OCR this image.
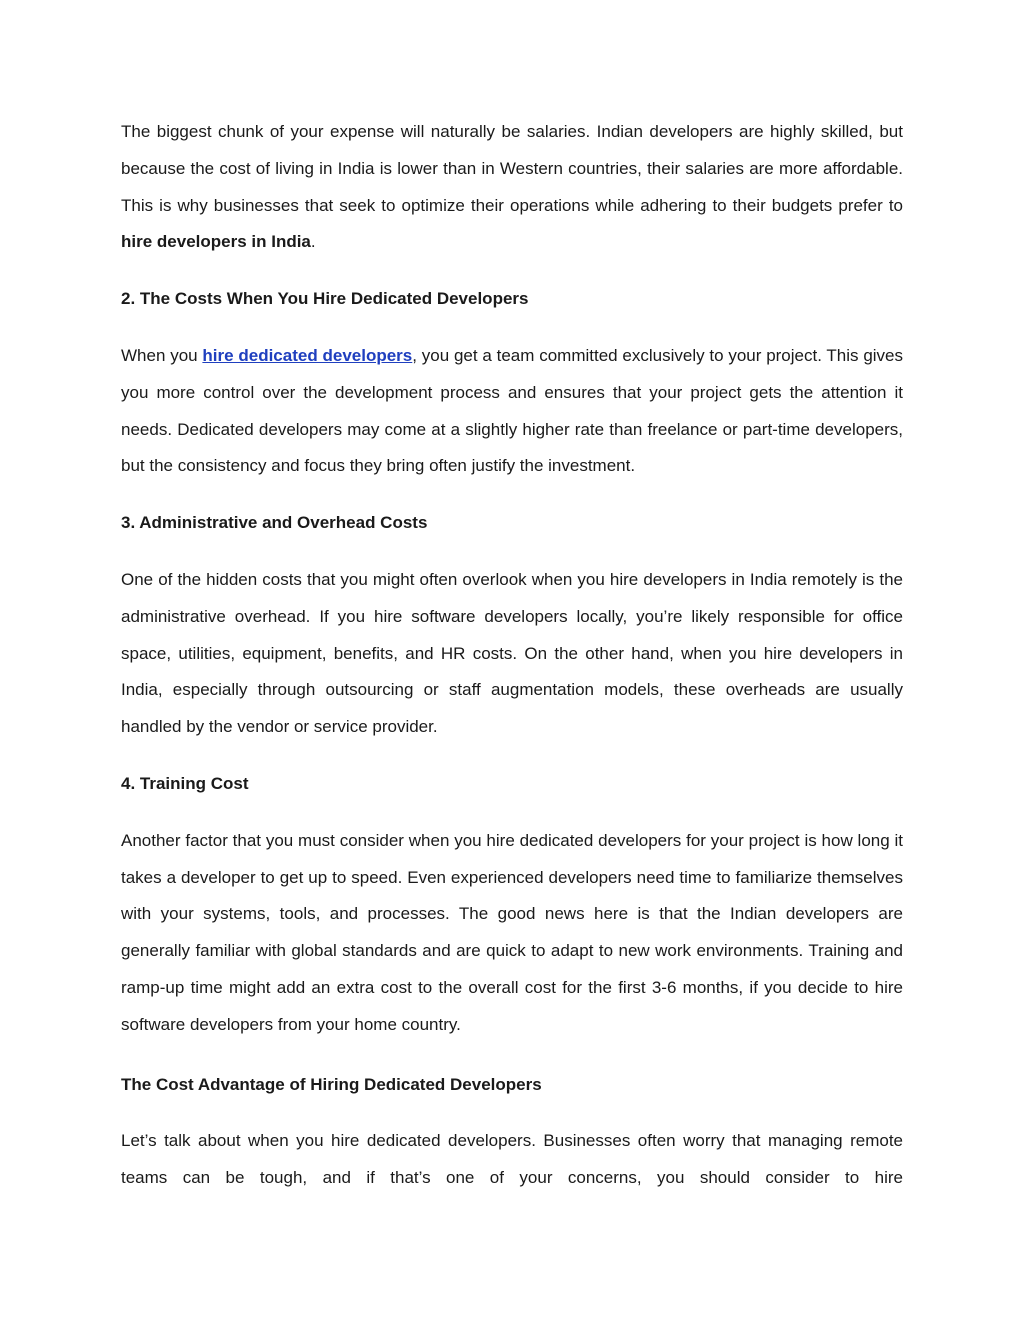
The biggest chunk of your expense will naturally be salaries. Indian developers are highly skilled, but because the cost of living in India is lower than in Western countries, their salaries are more affordable. This is why businesses that seek to optimize their operations while adhering to their budgets prefer to hire developers in India.

2. The Costs When You Hire Dedicated Developers

When you hire dedicated developers, you get a team committed exclusively to your project. This gives you more control over the development process and ensures that your project gets the attention it needs. Dedicated developers may come at a slightly higher rate than freelance or part-time developers, but the consistency and focus they bring often justify the investment.

3. Administrative and Overhead Costs

One of the hidden costs that you might often overlook when you hire developers in India remotely is the administrative overhead. If you hire software developers locally, you’re likely responsible for office space, utilities, equipment, benefits, and HR costs. On the other hand, when you hire developers in India, especially through outsourcing or staff augmentation models, these overheads are usually handled by the vendor or service provider.

4. Training Cost

Another factor that you must consider when you hire dedicated developers for your project is how long it takes a developer to get up to speed. Even experienced developers need time to familiarize themselves with your systems, tools, and processes. The good news here is that the Indian developers are generally familiar with global standards and are quick to adapt to new work environments. Training and ramp-up time might add an extra cost to the overall cost for the first 3-6 months, if you decide to hire software developers from your home country.

The Cost Advantage of Hiring Dedicated Developers

Let’s talk about when you hire dedicated developers. Businesses often worry that managing remote teams can be tough, and if that’s one of your concerns, you should consider to hire
